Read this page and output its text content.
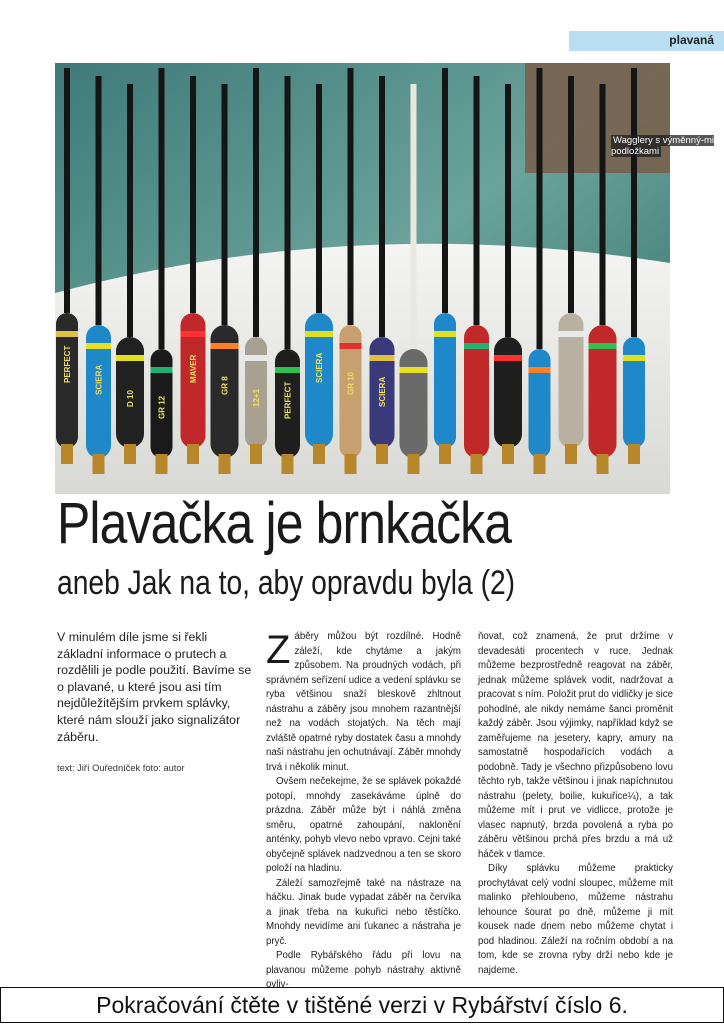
plavaná
PERFECT	SCIERA
D 10	GR 12
MAVER
GR 8
12+1	PERFECT
SCIERA
GR 10	SCIERA
Wagglery s výměnný-mi podložkami
Plavačka je brnkačka
aneb Jak na to, aby opravdu byla (2)
V minulém díle jsme si řekli základní informace o prutech a rozdělili je podle použití. Bavíme se o plavané, u které jsou asi tím nejdůležitějším prvkem splávky, které nám slouží jako signalizátor záběru.
text: Jiří Ouředníček foto: autor

Záběry můžou být rozdílné. Hodně záleží, kde chytáme a jakým způsobem. Na proudných vodách, při správném seřízení udice a vedení splávku se ryba většinou snaží bleskově zhltnout nástrahu a záběry jsou mnohem razantnější než na vodách stojatých. Na těch mají zvláště opatrné ryby dostatek času a mnohdy naši nástrahu jen ochutnávají. Záběr mnohdy trvá i několik minut.

Ovšem nečekejme, že se splávek pokaždé potopí, mnohdy zasekáváme úplně do prázdna. Záběr může být i náhlá změna směru, opatrné zahoupání, naklonění anténky, pohyb vlevo nebo vpravo. Cejni také obyčejně splávek nadzvednou a ten se skoro položí na hladinu.

Záleží samozřejmě také na nástraze na háčku. Jinak bude vypadat záběr na červíka a jinak třeba na kukuřici nebo těstíčko. Mnohdy nevidíme ani ťukanec a nástraha je pryč.

Podle Rybářského řádu při lovu na plavanou můžeme pohyb nástrahy aktivně ovliv-

ňovat, což znamená, že prut držíme v devadesáti procentech v ruce. Jednak můžeme bezprostředně reagovat na záběr, jednak můžeme splávek vodit, nadržovat a pracovat s ním. Položit prut do vidličky je sice pohodlné, ale nikdy nemáme šanci proměnit každý záběr. Jsou výjimky, například když se zaměřujeme na jesetery, kapry, amury na samostatně hospodařících vodách a podobně. Tady je všechno přizpůsobeno lovu těchto ryb, takže většinou i jinak napíchnutou nástrahu (pelety, boilie, kukuřice¼), a tak můžeme mít i prut ve vidlicce, protože je vlasec napnutý, brzda povolená a ryba po záběru většinou prchá přes brzdu a má už háček v tlamce.

Díky splávku můžeme prakticky prochytávat celý vodní sloupec, můžeme mít malinko přehloubeno, můžeme nástrahu lehounce šourat po dně, můžeme ji mít kousek nade dnem nebo můžeme chytat i pod hladinou. Záleží na ročním období a na tom, kde se zrovna ryby drží nebo kde je najdeme.

Pokračování čtěte v tištěné verzi v Rybářství číslo 6.
